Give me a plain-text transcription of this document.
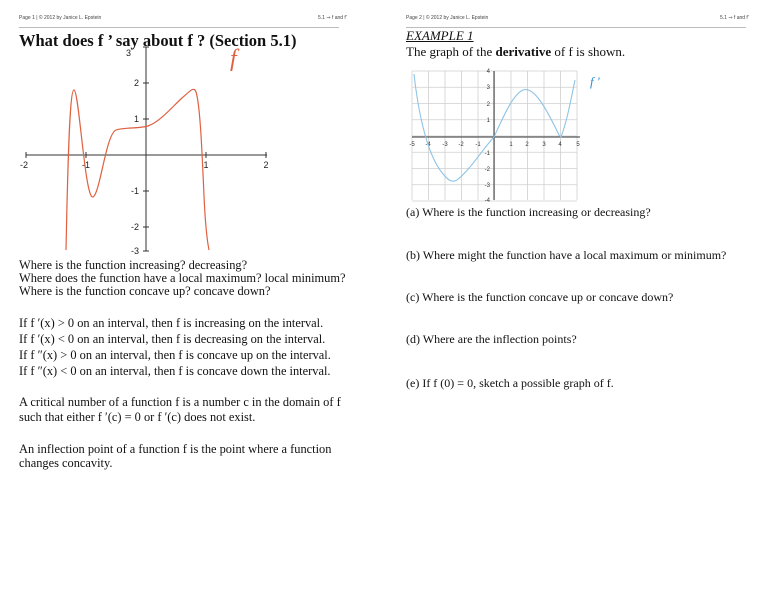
Page 1 | © 2012 by Janice L. Epstein	5.1 ⇒ f and f'	Page 2 | © 2012 by Janice L. Epstein	5.1 ⇒ f and f'
What does f ’ say about f ? (Section 5.1)
-2	-1	1	2
3
2
1
-1
-2
-3
f
Where is the function increasing? decreasing?
Where does the function have a local maximum? local minimum?
Where is the function concave up? concave down?
If f ′(x) > 0 on an interval, then f is increasing on the interval.
If f ′(x) < 0 on an interval, then f is decreasing on the interval.
If f ″(x) > 0 on an interval, then f is concave up on the interval.
If f ″(x) < 0 on an interval, then f is concave down the interval.
A critical number of a function f is a number c in the domain of f
such that either f ′(c) = 0 or f ′(c) does not exist.
An inflection point of a function f is the point where a function
changes concavity.
EXAMPLE 1
The graph of the derivative of f is shown.
-5 -4 -3 -2 -1	1 2 3 4 5
4
3
2
1
-1
-2
-3
-4
f '
(a) Where is the function increasing or decreasing?
(b) Where might the function have a local maximum or minimum?
(c) Where is the function concave up or concave down?
(d) Where are the inflection points?
(e) If f (0) = 0, sketch a possible graph of f.
